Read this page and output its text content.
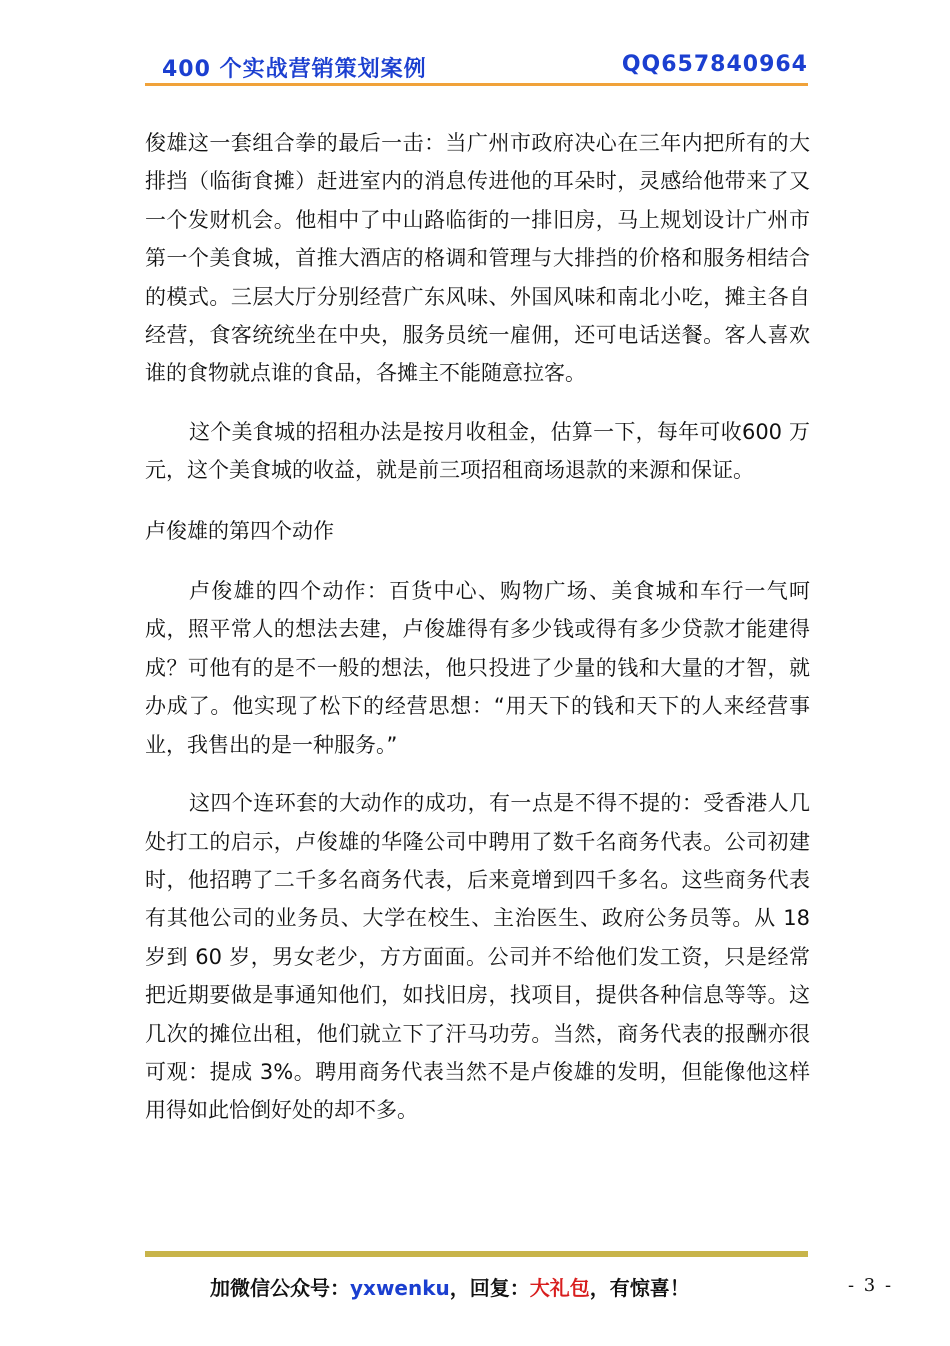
400 个实战营销策划案例	QQ657840964

俊雄这一套组合拳的最后一击：当广州市政府决心在三年内把所有的大排挡（临街食摊）赶进室内的消息传进他的耳朵时，灵感给他带来了又一个发财机会。他相中了中山路临街的一排旧房，马上规划设计广州市第一个美食城，首推大酒店的格调和管理与大排挡的价格和服务相结合的模式。三层大厅分别经营广东风味、外国风味和南北小吃，摊主各自经营，食客统统坐在中央，服务员统一雇佣，还可电话送餐。客人喜欢谁的食物就点谁的食品，各摊主不能随意拉客。

这个美食城的招租办法是按月收租金，估算一下，每年可收600 万元，这个美食城的收益，就是前三项招租商场退款的来源和保证。

卢俊雄的第四个动作

卢俊雄的四个动作：百货中心、购物广场、美食城和车行一气呵成，照平常人的想法去建，卢俊雄得有多少钱或得有多少贷款才能建得成？可他有的是不一般的想法，他只投进了少量的钱和大量的才智，就办成了。他实现了松下的经营思想：“用天下的钱和天下的人来经营事业，我售出的是一种服务。”

这四个连环套的大动作的成功，有一点是不得不提的：受香港人几处打工的启示，卢俊雄的华隆公司中聘用了数千名商务代表。公司初建时，他招聘了二千多名商务代表，后来竟增到四千多名。这些商务代表有其他公司的业务员、大学在校生、主治医生、政府公务员等。从 18 岁到 60 岁，男女老少，方方面面。公司并不给他们发工资，只是经常把近期要做是事通知他们，如找旧房，找项目，提供各种信息等等。这几次的摊位出租，他们就立下了汗马功劳。当然，商务代表的报酬亦很可观：提成 3%。聘用商务代表当然不是卢俊雄的发明，但能像他这样用得如此恰倒好处的却不多。

加微信公众号：yxwenku，回复：大礼包，有惊喜！	- 3 -
